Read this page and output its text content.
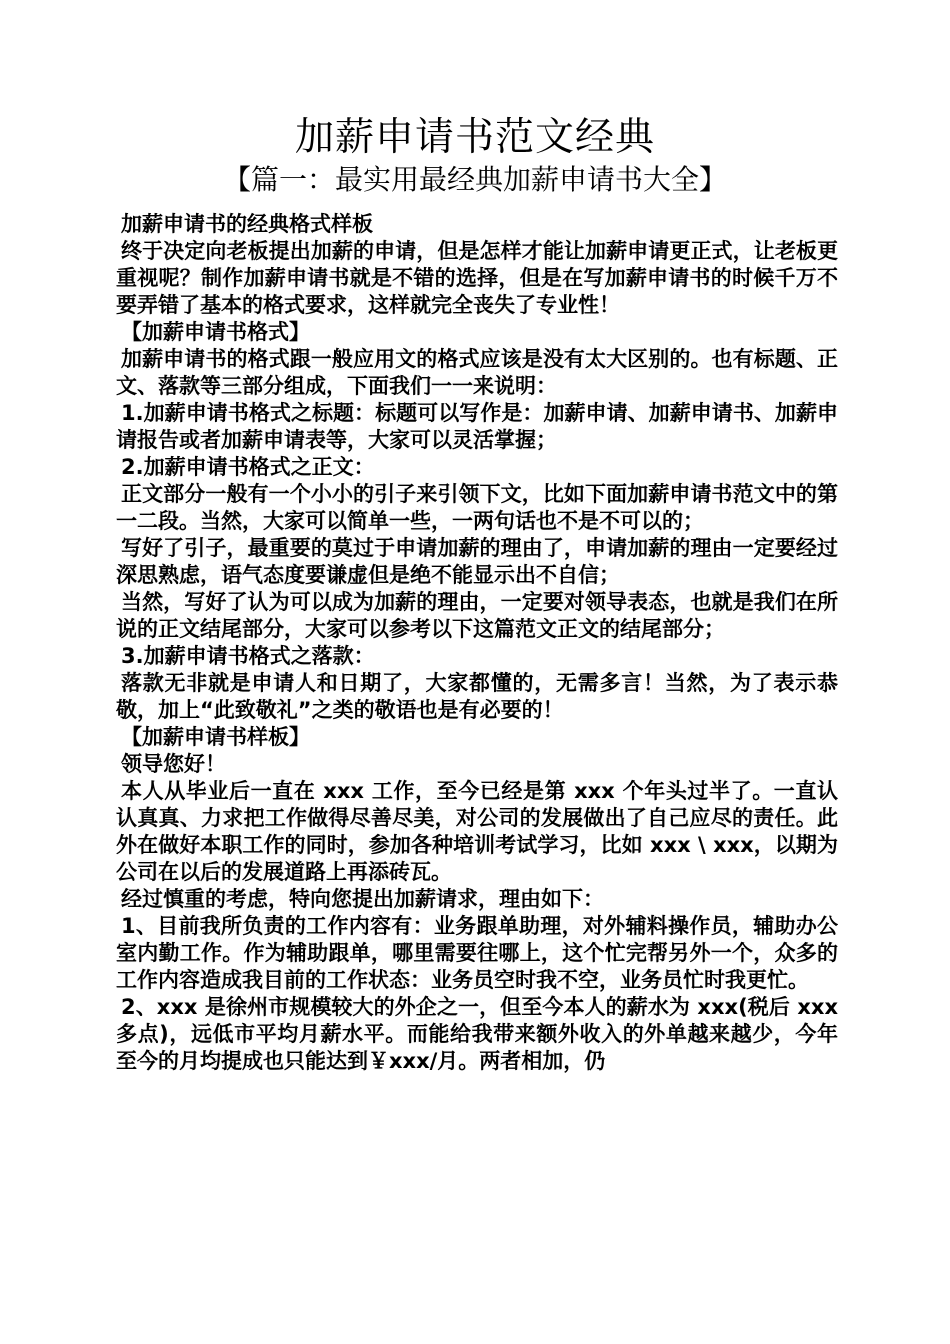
加薪申请书范文经典
【篇一：最实用最经典加薪申请书大全】

加薪申请书的经典格式样板

终于决定向老板提出加薪的申请，但是怎样才能让加薪申请更正式，让老板更重视呢？制作加薪申请书就是不错的选择，但是在写加薪申请书的时候千万不要弄错了基本的格式要求，这样就完全丧失了专业性！

【加薪申请书格式】

加薪申请书的格式跟一般应用文的格式应该是没有太大区别的。也有标题、正文、落款等三部分组成，下面我们一一来说明：

1.加薪申请书格式之标题：标题可以写作是：加薪申请、加薪申请书、加薪申请报告或者加薪申请表等，大家可以灵活掌握；

2.加薪申请书格式之正文：

正文部分一般有一个小小的引子来引领下文，比如下面加薪申请书范文中的第一二段。当然，大家可以简单一些，一两句话也不是不可以的；

写好了引子，最重要的莫过于申请加薪的理由了，申请加薪的理由一定要经过深思熟虑，语气态度要谦虚但是绝不能显示出不自信；

当然，写好了认为可以成为加薪的理由，一定要对领导表态，也就是我们在所说的正文结尾部分，大家可以参考以下这篇范文正文的结尾部分；

3.加薪申请书格式之落款：

落款无非就是申请人和日期了，大家都懂的，无需多言！当然，为了表示恭敬，加上“此致敬礼”之类的敬语也是有必要的！

【加薪申请书样板】

领导您好！

本人从毕业后一直在 xxx 工作，至今已经是第 xxx 个年头过半了。一直认认真真、力求把工作做得尽善尽美，对公司的发展做出了自己应尽的责任。此外在做好本职工作的同时，参加各种培训考试学习，比如 xxx \ xxx，以期为公司在以后的发展道路上再添砖瓦。

经过慎重的考虑，特向您提出加薪请求，理由如下：

1、目前我所负责的工作内容有：业务跟单助理，对外辅料操作员，辅助办公室内勤工作。作为辅助跟单，哪里需要往哪上，这个忙完帮另外一个，众多的工作内容造成我目前的工作状态：业务员空时我不空，业务员忙时我更忙。

2、xxx 是徐州市规模较大的外企之一，但至今本人的薪水为 xxx(税后 xxx 多点)，远低市平均月薪水平。而能给我带来额外收入的外单越来越少，今年至今的月均提成也只能达到￥xxx/月。两者相加，仍
